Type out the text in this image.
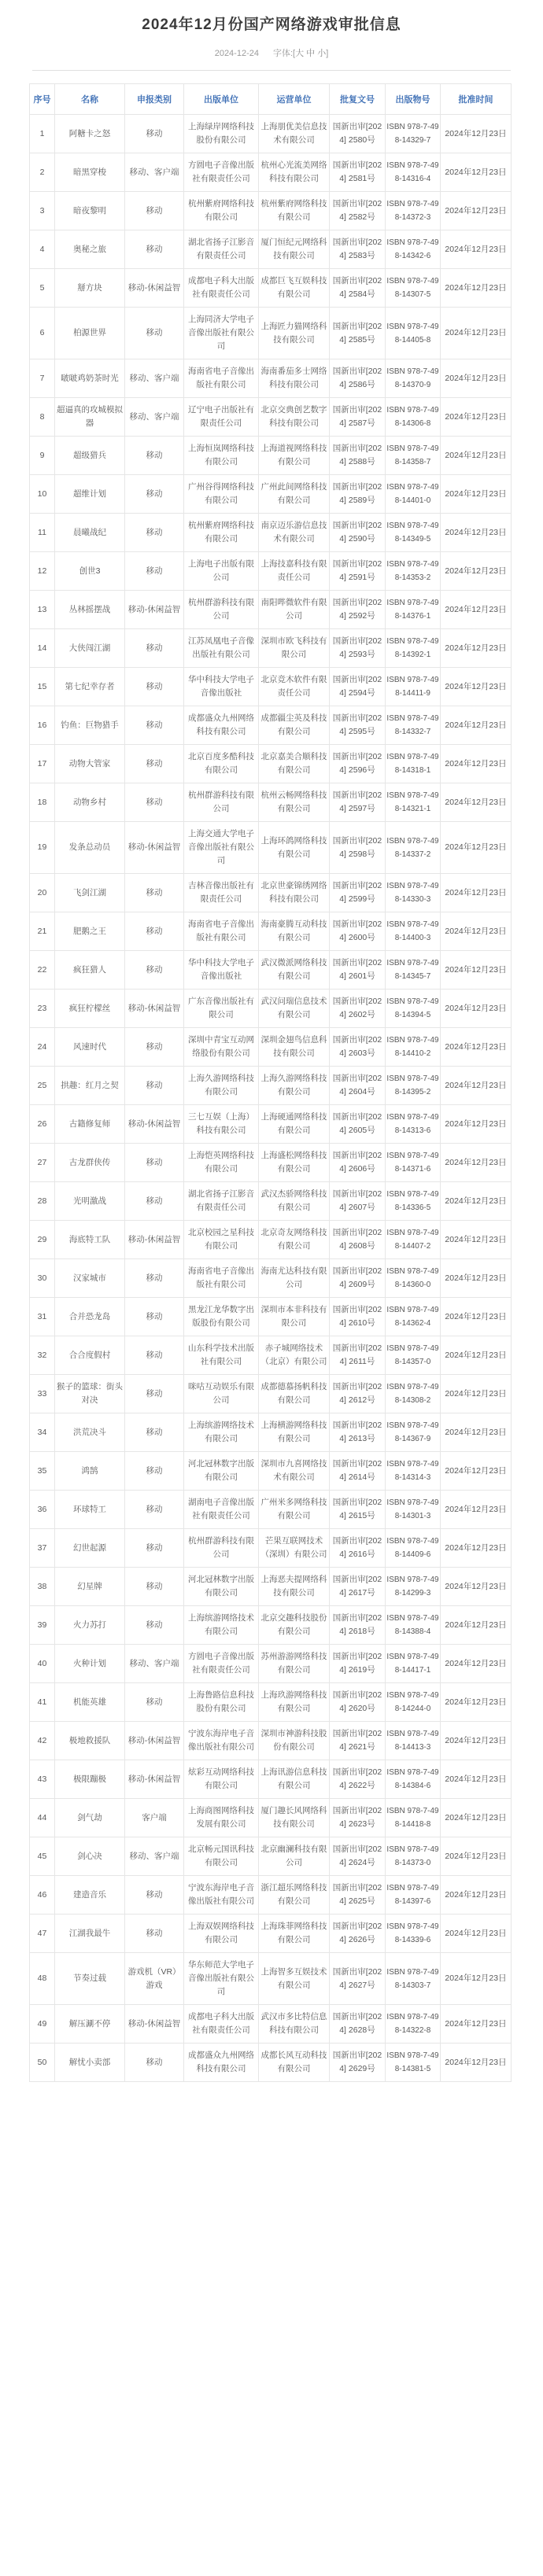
2024年12月份国产网络游戏审批信息
2024-12-24 字体:[大 中 小]
序号	名称	申报类别	出版单位	运营单位	批复文号	出版物号	批准时间
1	阿糖卡之怒	移动	上海绿岸网络科技股份有限公司	上海朋优美信息技术有限公司	国新出审[2024] 2580号	ISBN 978-7-498-14329-7	2024年12月23日
2	暗黑穿梭	移动、客户端	方圆电子音像出版社有限责任公司	杭州心光流美网络科技有限公司	国新出审[2024] 2581号	ISBN 978-7-498-14316-4	2024年12月23日
3	暗夜黎明	移动	杭州紫府网络科技有限公司	杭州紫府网络科技有限公司	国新出审[2024] 2582号	ISBN 978-7-498-14372-3	2024年12月23日
4	奥秘之旅	移动	湖北省扬子江影音有限责任公司	厦门恒纪元网络科技有限公司	国新出审[2024] 2583号	ISBN 978-7-498-14342-6	2024年12月23日
5	掰方块	移动-休闲益智	成都电子科大出版社有限责任公司	成都巨飞互娱科技有限公司	国新出审[2024] 2584号	ISBN 978-7-498-14307-5	2024年12月23日
6	柏源世界	移动	上海同济大学电子音像出版社有限公司	上海匠力猫网络科技有限公司	国新出审[2024] 2585号	ISBN 978-7-498-14405-8	2024年12月23日
7	啵啵鸡奶茶时光	移动、客户端	海南省电子音像出版社有限公司	海南番茄多士网络科技有限公司	国新出审[2024] 2586号	ISBN 978-7-498-14370-9	2024年12月23日
8	超逼真的攻城模拟器	移动、客户端	辽宁电子出版社有限责任公司	北京交典创艺数字科技有限公司	国新出审[2024] 2587号	ISBN 978-7-498-14306-8	2024年12月23日
9	超级猎兵	移动	上海恒岚网络科技有限公司	上海道视网络科技有限公司	国新出审[2024] 2588号	ISBN 978-7-498-14358-7	2024年12月23日
10	超维计划	移动	广州谷得网络科技有限公司	广州此间网络科技有限公司	国新出审[2024] 2589号	ISBN 978-7-498-14401-0	2024年12月23日
11	晨曦战纪	移动	杭州紫府网络科技有限公司	南京迈乐游信息技术有限公司	国新出审[2024] 2590号	ISBN 978-7-498-14349-5	2024年12月23日
12	创世3	移动	上海电子出版有限公司	上海技嘉科技有限责任公司	国新出审[2024] 2591号	ISBN 978-7-498-14353-2	2024年12月23日
13	丛林摇摆战	移动-休闲益智	杭州群游科技有限公司	南阳哔微软件有限公司	国新出审[2024] 2592号	ISBN 978-7-498-14376-1	2024年12月23日
14	大侠闯江湖	移动	江苏凤凰电子音像出版社有限公司	深圳市欧飞科技有限公司	国新出审[2024] 2593号	ISBN 978-7-498-14392-1	2024年12月23日
15	第七纪幸存者	移动	华中科技大学电子音像出版社	北京竞木软件有限责任公司	国新出审[2024] 2594号	ISBN 978-7-498-14411-9	2024年12月23日
16	钓鱼：巨物猎手	移动	成都盛众九州网络科技有限公司	成都疆尘英及科技有限公司	国新出审[2024] 2595号	ISBN 978-7-498-14332-7	2024年12月23日
17	动物大管家	移动	北京百度多酷科技有限公司	北京嘉美合顺科技有限公司	国新出审[2024] 2596号	ISBN 978-7-498-14318-1	2024年12月23日
18	动物乡村	移动	杭州群游科技有限公司	杭州云畅网络科技有限公司	国新出审[2024] 2597号	ISBN 978-7-498-14321-1	2024年12月23日
19	发条总动员	移动-休闲益智	上海交通大学电子音像出版社有限公司	上海环鸽网络科技有限公司	国新出审[2024] 2598号	ISBN 978-7-498-14337-2	2024年12月23日
20	飞剑江湖	移动	吉林音像出版社有限责任公司	北京世豪锦绣网络科技有限公司	国新出审[2024] 2599号	ISBN 978-7-498-14330-3	2024年12月23日
21	肥鹅之王	移动	海南省电子音像出版社有限公司	海南豪腾互动科技有限公司	国新出审[2024] 2600号	ISBN 978-7-498-14400-3	2024年12月23日
22	疯狂猎人	移动	华中科技大学电子音像出版社	武汉微派网络科技有限公司	国新出审[2024] 2601号	ISBN 978-7-498-14345-7	2024年12月23日
23	疯狂柠檬丝	移动-休闲益智	广东音像出版社有限公司	武汉问瑞信息技术有限公司	国新出审[2024] 2602号	ISBN 978-7-498-14394-5	2024年12月23日
24	风速时代	移动	深圳中青宝互动网络股份有限公司	深圳金翅鸟信息科技有限公司	国新出审[2024] 2603号	ISBN 978-7-498-14410-2	2024年12月23日
25	拱趣：红月之契	移动	上海久游网络科技有限公司	上海久游网络科技有限公司	国新出审[2024] 2604号	ISBN 978-7-498-14395-2	2024年12月23日
26	古籍修复师	移动-休闲益智	三七互娱（上海）科技有限公司	上海硬通网络科技有限公司	国新出审[2024] 2605号	ISBN 978-7-498-14313-6	2024年12月23日
27	古龙群侠传	移动	上海恺英网络科技有限公司	上海盛松网络科技有限公司	国新出审[2024] 2606号	ISBN 978-7-498-14371-6	2024年12月23日
28	光明激战	移动	湖北省扬子江影音有限责任公司	武汉杰骄网络科技有限公司	国新出审[2024] 2607号	ISBN 978-7-498-14336-5	2024年12月23日
29	海底特工队	移动-休闲益智	北京校园之星科技有限公司	北京奇友网络科技有限公司	国新出审[2024] 2608号	ISBN 978-7-498-14407-2	2024年12月23日
30	汉家城市	移动	海南省电子音像出版社有限公司	海南尤达科技有限公司	国新出审[2024] 2609号	ISBN 978-7-498-14360-0	2024年12月23日
31	合并恐龙岛	移动	黑龙江龙华数字出版股份有限公司	深圳市本非科技有限公司	国新出审[2024] 2610号	ISBN 978-7-498-14362-4	2024年12月23日
32	合合度假村	移动	山东科学技术出版社有限公司	赤子城网络技术（北京）有限公司	国新出审[2024] 2611号	ISBN 978-7-498-14357-0	2024年12月23日
33	猴子的篮球：街头对决	移动	咪咕互动娱乐有限公司	成都德慕扬帆科技有限公司	国新出审[2024] 2612号	ISBN 978-7-498-14308-2	2024年12月23日
34	洪荒决斗	移动	上海缤游网络技术有限公司	上海横游网络科技有限公司	国新出审[2024] 2613号	ISBN 978-7-498-14367-9	2024年12月23日
35	鸿鹄	移动	河北冠林数字出版有限公司	深圳市九喜网络技术有限公司	国新出审[2024] 2614号	ISBN 978-7-498-14314-3	2024年12月23日
36	环球特工	移动	湖南电子音像出版社有限责任公司	广州米多网络科技有限公司	国新出审[2024] 2615号	ISBN 978-7-498-14301-3	2024年12月23日
37	幻世起源	移动	杭州群游科技有限公司	芒果互联网技术（深圳）有限公司	国新出审[2024] 2616号	ISBN 978-7-498-14409-6	2024年12月23日
38	幻星牌	移动	河北冠林数字出版有限公司	上海恶夫提网络科技有限公司	国新出审[2024] 2617号	ISBN 978-7-498-14299-3	2024年12月23日
39	火力苏打	移动	上海缤游网络技术有限公司	北京交趣科技股份有限公司	国新出审[2024] 2618号	ISBN 978-7-498-14388-4	2024年12月23日
40	火种计划	移动、客户端	方圆电子音像出版社有限责任公司	苏州游游网络科技有限公司	国新出审[2024] 2619号	ISBN 978-7-498-14417-1	2024年12月23日
41	机能英雄	移动	上海鲁路信息科技股份有限公司	上海玖游网络科技有限公司	国新出审[2024] 2620号	ISBN 978-7-498-14244-0	2024年12月23日
42	极地救援队	移动-休闲益智	宁波东海岸电子音像出版社有限公司	深圳市神游科技股份有限公司	国新出审[2024] 2621号	ISBN 978-7-498-14413-3	2024年12月23日
43	极限蹦极	移动-休闲益智	炫彩互动网络科技有限公司	上海讯游信息科技有限公司	国新出审[2024] 2622号	ISBN 978-7-498-14384-6	2024年12月23日
44	剑气劫	客户端	上海商图网络科技发展有限公司	厦门趣长风网络科技有限公司	国新出审[2024] 2623号	ISBN 978-7-498-14418-8	2024年12月23日
45	剑心决	移动、客户端	北京畅元国讯科技有限公司	北京幽澜科技有限公司	国新出审[2024] 2624号	ISBN 978-7-498-14373-0	2024年12月23日
46	建造音乐	移动	宁波东海岸电子音像出版社有限公司	浙江超乐网络科技有限公司	国新出审[2024] 2625号	ISBN 978-7-498-14397-6	2024年12月23日
47	江湖我最牛	移动	上海双娱网络科技有限公司	上海珠菲网络科技有限公司	国新出审[2024] 2626号	ISBN 978-7-498-14339-6	2024年12月23日
48	节奏过载	游戏机（VR）游戏	华东师范大学电子音像出版社有限公司	上海智多互娱技术有限公司	国新出审[2024] 2627号	ISBN 978-7-498-14303-7	2024年12月23日
49	解压涮不停	移动-休闲益智	成都电子科大出版社有限责任公司	武汉市多比特信息科技有限公司	国新出审[2024] 2628号	ISBN 978-7-498-14322-8	2024年12月23日
50	解忧小卖部	移动	成都盛众九州网络科技有限公司	成都长风互动科技有限公司	国新出审[2024] 2629号	ISBN 978-7-498-14381-5	2024年12月23日
